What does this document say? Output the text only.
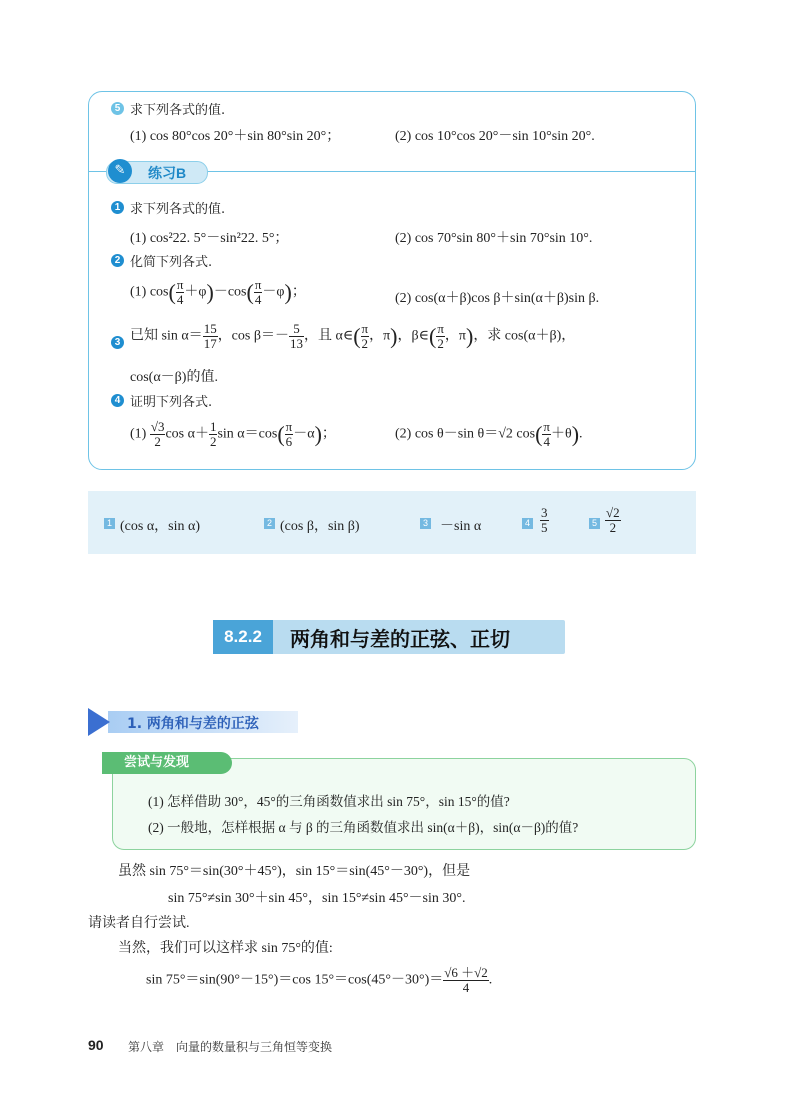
5 求下列各式的值.
(1) cos 80°cos 20°＋sin 80°sin 20°；	(2) cos 10°cos 20°－sin 10°sin 20°.
✎	练习B
1 求下列各式的值.
(1) cos²22. 5°－sin²22. 5°；	(2) cos 70°sin 80°＋sin 70°sin 10°.
2 化简下列各式.
(1) $\cos( \frac{\pi}{4} +\varphi)-\cos( \frac{\pi}{4} -\varphi)$；	(2) cos(α＋β)cos β＋sin(α＋β)sin β.
3 已知 $\sin \alpha= \frac{15}{17}$ ，$\cos \beta=- \frac{5}{13}$ ，且 α∈( $\frac{\pi}{2}$ ，π)，β∈( $\frac{\pi}{2}$ ，π)，求 cos(α＋β)，
cos(α－β)的值.
4 证明下列各式.
$(1) \frac{√3}{2}$ $\cos \alpha+ \frac{1}{2}$ $\sin \alpha=\cos( \frac{\pi}{6} -\alpha)$；	(2) cos θ－sin θ＝√2 $\cos( \frac{\pi}{4} +\theta)$.
1 (cos α，sin α)	2 (cos β，sin β)	3 －sin α	$4 \frac{3}{5}$	$5 \frac{√2}{2}$
8.2.2	两角和与差的正弦、正切
1. 两角和与差的正弦
尝试与发现
(1) 怎样借助 30°，45°的三角函数值求出 sin 75°，sin 15°的值?
(2) 一般地，怎样根据 α 与 β 的三角函数值求出 sin(α＋β)，sin(α－β)的值?
虽然 sin 75°＝sin(30°＋45°)，sin 15°＝sin(45°－30°)，但是
sin 75°≠sin 30°＋sin 45°，sin 15°≠sin 45°－sin 30°.
请读者自行尝试.
当然，我们可以这样求 sin 75°的值:
sin 75°＝sin(90°－15°)＝cos $15^\circ=\cos(45^\circ-30^\circ)= \frac{√6 +√2}{4}$ .
90 第八章　向量的数量积与三角恒等变换
